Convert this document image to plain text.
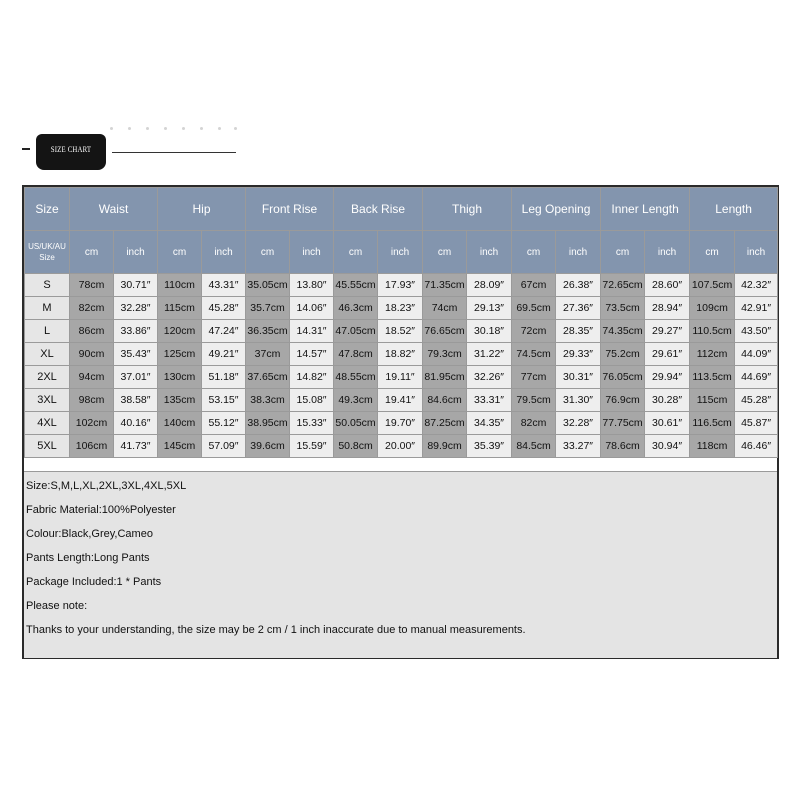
SIZE CHART
Size	Waist		Hip		Front Rise		Back Rise		Thigh		Leg Opening		Inner Length		Length	
US/UK/AU Size	cm	inch	cm	inch	cm	inch	cm	inch	cm	inch	cm	inch	cm	inch	cm	inch
S	78cm	30.71″	110cm	43.31″	35.05cm	13.80″	45.55cm	17.93″	71.35cm	28.09″	67cm	26.38″	72.65cm	28.60″	107.5cm	42.32″
M	82cm	32.28″	115cm	45.28″	35.7cm	14.06″	46.3cm	18.23″	74cm	29.13″	69.5cm	27.36″	73.5cm	28.94″	109cm	42.91″
L	86cm	33.86″	120cm	47.24″	36.35cm	14.31″	47.05cm	18.52″	76.65cm	30.18″	72cm	28.35″	74.35cm	29.27″	110.5cm	43.50″
XL	90cm	35.43″	125cm	49.21″	37cm	14.57″	47.8cm	18.82″	79.3cm	31.22″	74.5cm	29.33″	75.2cm	29.61″	112cm	44.09″
2XL	94cm	37.01″	130cm	51.18″	37.65cm	14.82″	48.55cm	19.11″	81.95cm	32.26″	77cm	30.31″	76.05cm	29.94″	113.5cm	44.69″
3XL	98cm	38.58″	135cm	53.15″	38.3cm	15.08″	49.3cm	19.41″	84.6cm	33.31″	79.5cm	31.30″	76.9cm	30.28″	115cm	45.28″
4XL	102cm	40.16″	140cm	55.12″	38.95cm	15.33″	50.05cm	19.70″	87.25cm	34.35″	82cm	32.28″	77.75cm	30.61″	116.5cm	45.87″
5XL	106cm	41.73″	145cm	57.09″	39.6cm	15.59″	50.8cm	20.00″	89.9cm	35.39″	84.5cm	33.27″	78.6cm	30.94″	118cm	46.46″

Size:S,M,L,XL,2XL,3XL,4XL,5XL

Fabric Material:100%Polyester

Colour:Black,Grey,Cameo

Pants Length:Long Pants

Package Included:1 * Pants

Please note:

Thanks to your understanding, the size may be 2 cm / 1 inch inaccurate due to manual measurements.
